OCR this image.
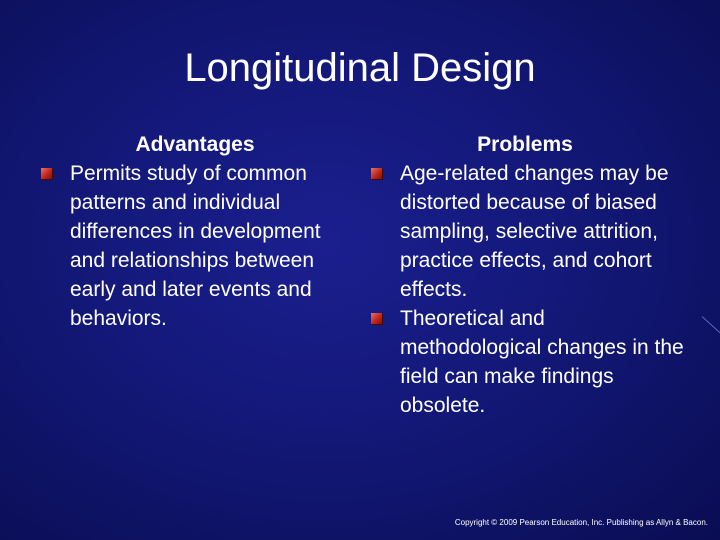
Longitudinal Design
Advantages
Permits study of common patterns and individual differences in development and relationships between early and later events and behaviors.
Problems
Age-related changes may be distorted because of biased sampling, selective attrition, practice effects, and cohort effects.
Theoretical and methodological changes in the field can make findings obsolete.
Copyright © 2009 Pearson Education, Inc. Publishing as Allyn & Bacon.
